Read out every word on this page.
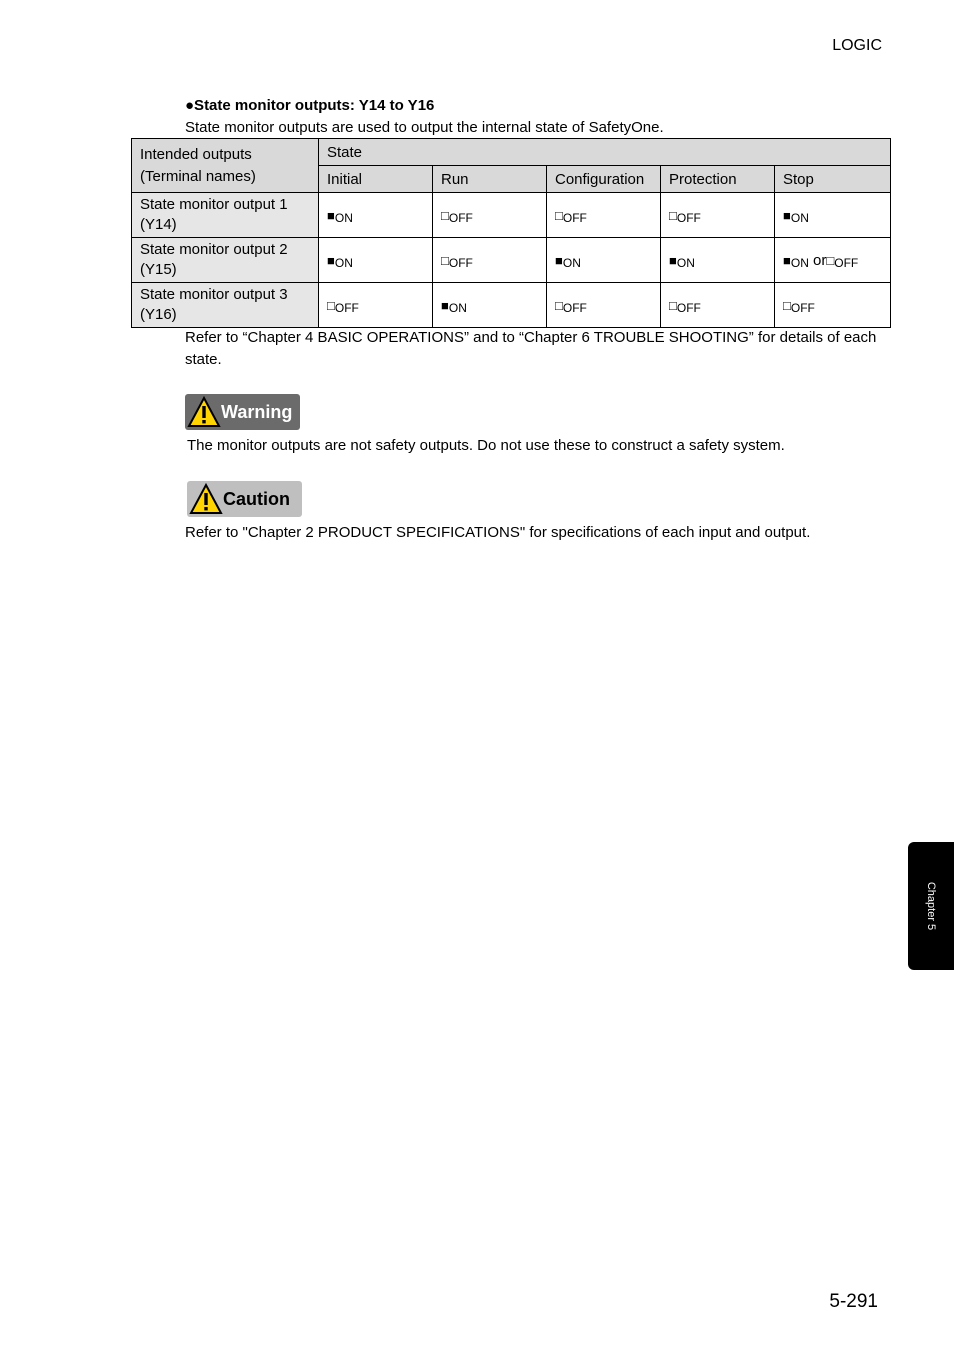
LOGIC
●State monitor outputs: Y14 to Y16
State monitor outputs are used to output the internal state of SafetyOne.
Intended outputs
(Terminal names)	State				
	Initial	Run	Configuration	Protection	Stop

State monitor output 1
(Y14)	■ON	□OFF	□OFF	□OFF	■ON

State monitor output 2
(Y15)	■ON	□OFF	■ON	■ON	■ON or□OFF

State monitor output 3
(Y16)	□OFF	■ON	□OFF	□OFF	□OFF
Refer to “Chapter 4 BASIC OPERATIONS” and to “Chapter 6 TROUBLE SHOOTING” for details of each state.
Warning
The monitor outputs are not safety outputs. Do not use these to construct a safety system.
Caution
Refer to "Chapter 2 PRODUCT SPECIFICATIONS" for specifications of each input and output.
Chapter 5
5-291
